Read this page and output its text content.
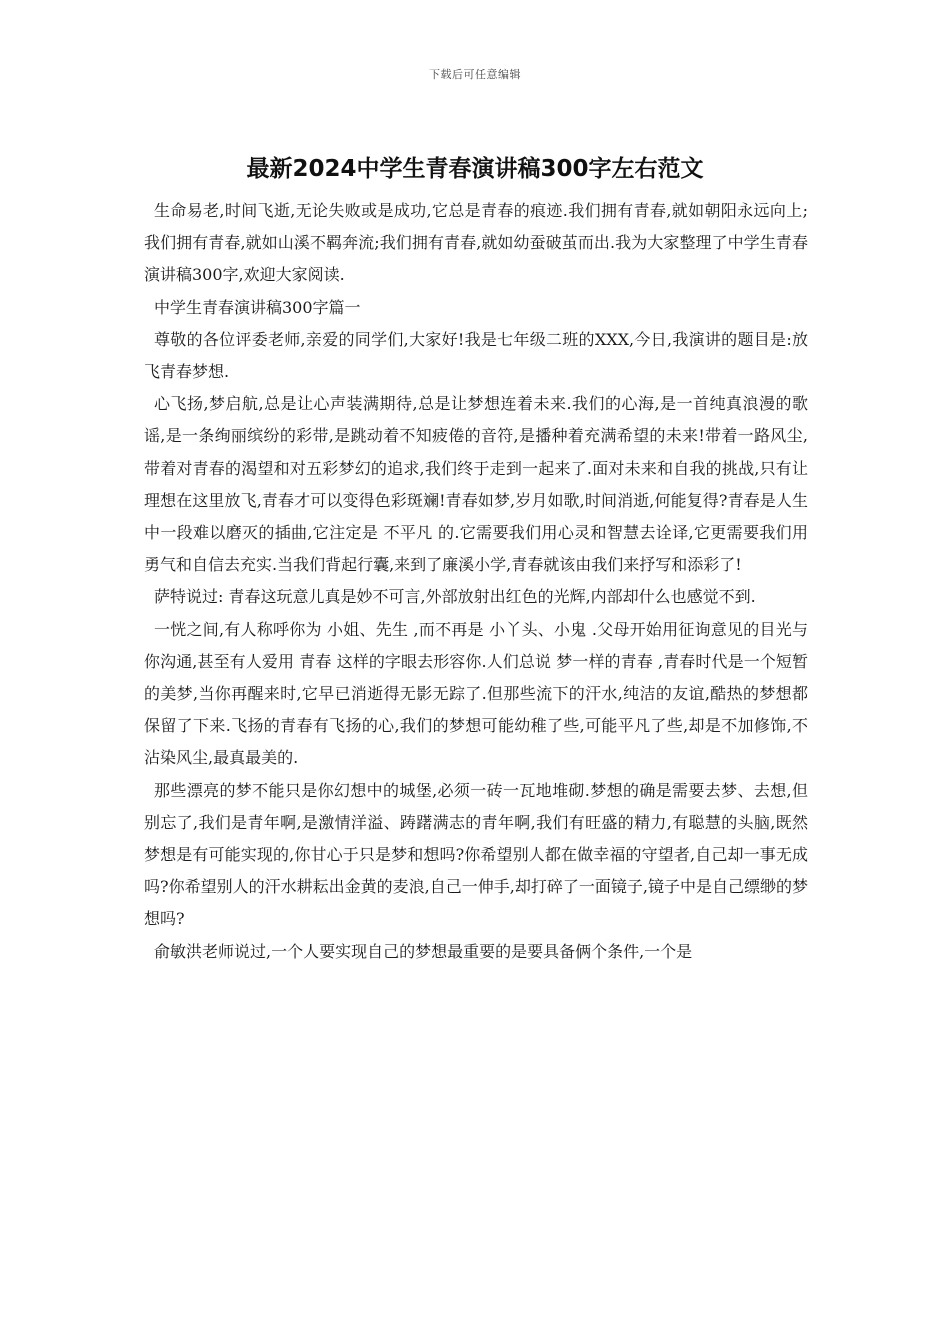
下载后可任意编辑
最新2024中学生青春演讲稿300字左右范文

生命易老,时间飞逝,无论失败或是成功,它总是青春的痕迹.我们拥有青春,就如朝阳永远向上;我们拥有青春,就如山溪不羁奔流;我们拥有青春,就如幼蚕破茧而出.我为大家整理了中学生青春演讲稿300字,欢迎大家阅读.

中学生青春演讲稿300字篇一

尊敬的各位评委老师,亲爱的同学们,大家好!我是七年级二班的XXX,今日,我演讲的题目是:放飞青春梦想.

心飞扬,梦启航,总是让心声装满期待,总是让梦想连着未来.我们的心海,是一首纯真浪漫的歌谣,是一条绚丽缤纷的彩带,是跳动着不知疲倦的音符,是播种着充满希望的未来!带着一路风尘,带着对青春的渴望和对五彩梦幻的追求,我们终于走到一起来了.面对未来和自我的挑战,只有让理想在这里放飞,青春才可以变得色彩斑斓!青春如梦,岁月如歌,时间消逝,何能复得?青春是人生中一段难以磨灭的插曲,它注定是 不平凡 的.它需要我们用心灵和智慧去诠译,它更需要我们用勇气和自信去充实.当我们背起行囊,来到了廉溪小学,青春就该由我们来抒写和添彩了!

萨特说过: 青春这玩意儿真是妙不可言,外部放射出红色的光辉,内部却什么也感觉不到.

一恍之间,有人称呼你为 小姐、先生 ,而不再是 小丫头、小鬼 .父母开始用征询意见的目光与你沟通,甚至有人爱用 青春 这样的字眼去形容你.人们总说 梦一样的青春 ,青春时代是一个短暂的美梦,当你再醒来时,它早已消逝得无影无踪了.但那些流下的汗水,纯洁的友谊,酷热的梦想都保留了下来.飞扬的青春有飞扬的心,我们的梦想可能幼稚了些,可能平凡了些,却是不加修饰,不沾染风尘,最真最美的.

那些漂亮的梦不能只是你幻想中的城堡,必须一砖一瓦地堆砌.梦想的确是需要去梦、去想,但别忘了,我们是青年啊,是激情洋溢、踌躇满志的青年啊,我们有旺盛的精力,有聪慧的头脑,既然梦想是有可能实现的,你甘心于只是梦和想吗?你希望别人都在做幸福的守望者,自己却一事无成吗?你希望别人的汗水耕耘出金黄的麦浪,自己一伸手,却打碎了一面镜子,镜子中是自己缥缈的梦想吗?

俞敏洪老师说过,一个人要实现自己的梦想最重要的是要具备俩个条件,一个是
